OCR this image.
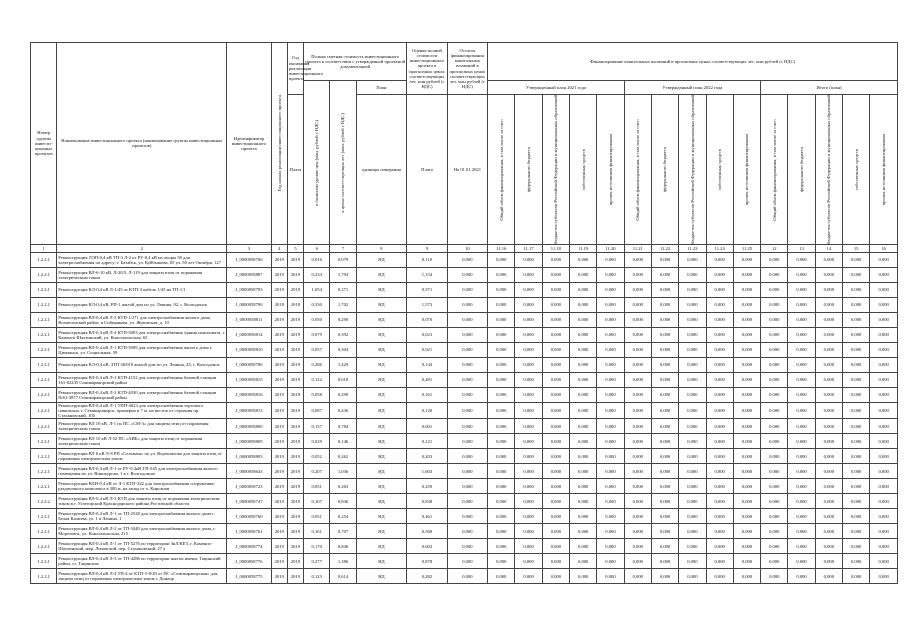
Номер группы инвести-ционных проектов	Наименование инвестиционного проекта (наименование группы инвестиционных проектов)	Идентификатор инвестиционного проекта	Год начала реализации инвестиционного проекта	Год окончания реализации инвестиционного проекта	Полная сметная стоимость инвестиционного проекта в соответствии с утвержденной проектной документацией			Оценка полной стоимости инвестиционного проекта в прогнозных ценах соответствующих лет, млн рублей (с НДС)	Остаток финансирования капитальных вложений в прогнозных ценах соответствующих лет, млн рублей (с НДС)	Финансирование капитальных вложений в прогнозных ценах соответствующих лет, млн рублей (с НДС)														

					в базисном уровне цен (млн. рублей с НДС)	в ценах соответствующих лет (млн. рублей с НДС)	План			Утвержденный план 2021 года					Утвержденный план 2022 года					Итого (план)				
				Плата			единицы измерения	Плата	На 01.01.2021	Общий объем финансирования, в том числе за счет:	федерального бюджета	бюджетов субъектов Российской Федерации и муниципальных образований	собственных средств	прочих источников финансирования	Общий объем финансирования, в том числе за счет:	федерального бюджета	бюджетов субъектов Российской Федерации и муниципальных образований	собственных средств	прочих источников финансирования	Общий объем финансирования, в том числе за счет:	федерального бюджета	бюджетов субъектов Российской Федерации и муниципальных образований	собственных средств	прочих источников финансирования

1	2	3	4	5	6	7	8	9	10	11.16	11.17	11.18	11.19	11.20	11.21	11.22	11.23	11.24	11.25	12	13	14	15	16
1.2.2.1	Реконструкция ЛЭП-0,4 кВ ТП-3 Л-2 от РУ-0,4 кВ на опоры 50 для электроснабжения по адресу: г. Батайск, ул. Куйбышева, 65 ул. 50 лет Октября, 127	J_0000058766	2019	2019	0,016	0,079	НД	0,110	0,000	0,000	0,000	0,000	0,000	0,000	0,000	0,000	0,000	0,000	0,000	0,000	0,000	0,000	0,000	0,000
1.2.2.1	Реконструкция ВЛ-6-10 кВ, Л-20/5, Л-119 для защиты птиц от поражения электрическим током	J_0000058887	2019	2019	0,233	1,794	НД	1,154	0,000	0,000	0,000	0,000	0,000	0,000	0,000	0,000	0,000	0,000	0,000	0,000	0,000	0,000	0,000	0,000
1.2.2.1	Реконструкция КЛ-0,4 кВ Л-1/45 от КТП-3 кабель 1/45 на ТП-1/1	J_0000058793	2019	2019	1,054	0,271	НД	0,371	0,000	0,000	0,000	0,000	0,000	0,000	0,000	0,000	0,000	0,000	0,000	0,000	0,000	0,000	0,000	0,000
1.2.2.1	Реконструкция КЛ-0,4 кВ, РП-1 жилой дом по ул. Ленина, 92, г. Волгодонск	J_0000058790	2018	2018	0,330	1,702	НД	1,573	0,000	0,000	0,000	0,000	0,000	0,000	0,000	0,000	0,000	0,000	0,000	0,000	0,000	0,000	0,000	0,000
1.2.2.1	Реконструкция ВЛ-0,4 кВ Л-3 КТП-1/271 для электроснабжения жилого дома Вознесенский район, в Сибирякова, ул. Жуковская, д. 10	J_0000058811	2019	2019	0,050	0,290	НД	0,070	0,000	0,000	0,000	0,000	0,000	0,000	0,000	0,000	0,000	0,000	0,000	0,000	0,000	0,000	0,000	0,000
1.2.2.1	Реконструкция ВЛ-0,4 кВ Л-4 КТП-3003 для электроснабжения здания пансионата, г. Каменск-Шахтинский, ул. Комсомольская, 65	J_0000058814	2019	2019	0,079	0,392	НД	0,023	0,000	0,000	0,000	0,000	0,000	0,000	0,000	0,000	0,000	0,000	0,000	0,000	0,000	0,000	0,000	0,000
1.2.2.1	Реконструкция ВЛ-0,4 кВ Л-1 КТП-3009 для электроснабжения жилого дома г. Цимлянск, ул. Социальная, 39	J_0000058810	2019	2019	0,057	0,304	НД	0,021	0,000	0,000	0,000	0,000	0,000	0,000	0,000	0,000	0,000	0,000	0,000	0,000	0,000	0,000	0,000	0,000
1.2.2.1	Реконструкция КЛ-0,4 кВ, ЗТП 36/010 жилой дом по ул. Ленина, 45, г. Волгодонск	J_0000058786	2019	2019	0,286	1,429	НД	0,144	0,000	0,000	0,000	0,000	0,000	0,000	0,000	0,000	0,000	0,000	0,000	0,000	0,000	0,000	0,000	0,000
1.2.2.1	Реконструкция ВЛ-0,4 кВ Л-1 КТП-4152 для электроснабжения базовой станции 161-02235 Семикаракорский район	J_0000058815	2019	2019	0,122	0,610	НД	0,481	0,000	0,000	0,000	0,000	0,000	0,000	0,000	0,000	0,000	0,000	0,000	0,000	0,000	0,000	0,000	0,000
1.2.2.1	Реконструкция ВЛ-0,4 кВ Л-2 КТП-4030 для электроснабжения базовой станции №61-3877 Семикаракорский район	J_0000058816	2019	2018	0,058	0,290	НД	0,161	0,000	0,000	0,000	0,000	0,000	0,000	0,000	0,000	0,000	0,000	0,000	0,000	0,000	0,000	0,000	0,000
1.2.2.1	Реконструкция ВЛ-0,4 кВ Л-1 ТПП-4023 для электроснабжения торгового павильона, г. Семикаракорск, примерно в 7 м. на восток от строения пр. Стахановский, 105	J_0000058813	2019	2019	0,087	0,436	НД	0,120	0,000	0,000	0,000	0,000	0,000	0,000	0,000	0,000	0,000	0,000	0,000	0,000	0,000	0,000	0,000	0,000
1.2.2.1	Реконструкция ВЛ 10 кВ, Л-1 по ПС «СМ-3» для защиты птиц от поражения электрическим током	J_0000058800	2019	2019	0,157	0,784	НД	0,601	0,000	0,000	0,000	0,000	0,000	0,000	0,000	0,000	0,000	0,000	0,000	0,000	0,000	0,000	0,000	0,000
1.2.2.1	Реконструкция ВЛ 10 кВ Л-52 ПС «АИБ» для защиты птиц от поражения электрическим током	J_0000058809	2019	2019	0,029	0,146	НД	0,121	0,000	0,000	0,000	0,000	0,000	0,000	0,000	0,000	0,000	0,000	0,000	0,000	0,000	0,000	0,000	0,000
1.2.2.1	Реконструкция ВЛ 6 кВ Л-8 РП «Сельмаш» по ул. Ворошилова для защиты птиц от поражения электрическим током	J_0000058803	2019	2019	0,052	0,262	НД	0,203	0,000	0,000	0,000	0,000	0,000	0,000	0,000	0,000	0,000	0,000	0,000	0,000	0,000	0,000	0,000	0,000
1.2.2.1	Реконструкция ВЛ-0,4 кВ Л-1 от РУ-0,4кВ ТП-545 для электроснабжения жилого помещения по ул. Винокурова, 1 в г. Волгодонске	J_0000058643	2019	2019	0,207	1,036	НД	1,603	0,000	0,000	0,000	0,000	0,000	0,000	0,000	0,000	0,000	0,000	0,000	0,000	0,000	0,000	0,000	0,000
1.2.2.1	Реконструкция ВЛИ-0,4 кВ от Л-1 КТП-342 для электроснабжения сооружения-раздаточного комплекса в 300 м. на запад от х. Кирсанов	J_0000058723	2019	2019	0,051	0,263	НД	0,259	0,000	0,000	0,000	0,000	0,000	0,000	0,000	0,000	0,000	0,000	0,000	0,000	0,000	0,000	0,000	0,000
1.2.2.2	Реконструкция ВЛ-0,4 кВ Л-3 КТП для защиты птиц от поражения электрическим током в г. Углегорский Краснодарского района Ростовской области	J_0000058747	2019	2019	0,167	0,836	НД	0,838	0,000	0,000	0,000	0,000	0,000	0,000	0,000	0,000	0,000	0,000	0,000	0,000	0,000	0,000	0,000	0,000
1.2.2.1	Реконструкция ВЛ-0,4 кВ Л-1 от ТП-2528 для электроснабжения жилого дома г. Белая Калитва, ул. 1 в Ленина, 1	J_0000058760	2019	2019	0,051	0,254	НД	0,461	0,000	0,000	0,000	0,000	0,000	0,000	0,000	0,000	0,000	0,000	0,000	0,000	0,000	0,000	0,000	0,000
1.2.2.1	Реконструкция ВЛ-0,4 кВ Л-2 от ТП-3440 для электроснабжения жилого дома, г. Морозовск, ул. Комсомольская, 215	J_0000058761	2019	2019	0,161	0,707	НД	0,568	0,000	0,000	0,000	0,000	0,000	0,000	0,000	0,000	0,000	0,000	0,000	0,000	0,000	0,000	0,000	0,000
1.2.2.1	Реконструкция ВЛ-0,4 кВ Л-1 от ТП-5276 по территории ЗиЛ/КЕТ, г. Каменск-Шахтинский, мкр. Лиховской, пер. Стахановский, 27 а	J_0000058774	2019	2019	0,170	0,848	НД	0,602	0,000	0,000	0,000	0,000	0,000	0,000	0,000	0,000	0,000	0,000	0,000	0,000	0,000	0,000	0,000	0,000
1.2.2.1	Реконструкция ВЛ-0,4 кВ Л-3 от ТП-4286 по территории шахты имени, Тацинский район, ст. Тацинская	J_0000058776	2019	2019	0,277	1,386	НД	0,878	0,000	0,000	0,000	0,000	0,000	0,000	0,000	0,000	0,000	0,000	0,000	0,000	0,000	0,000	0,000	0,000
1.2.2.1	Реконструкция ВЛ-0,4 кВ Л-4 ТП-4 от КТП-5-8/20 от ПС «Семикаракорская» для защиты птиц от поражения электрическим током г. Донецк	J_0000058775	2019	2019	0,123	0,614	НД	0,282	0,000	0,000	0,000	0,000	0,000	0,000	0,000	0,000	0,000	0,000	0,000	0,000	0,000	0,000	0,000	0,000
